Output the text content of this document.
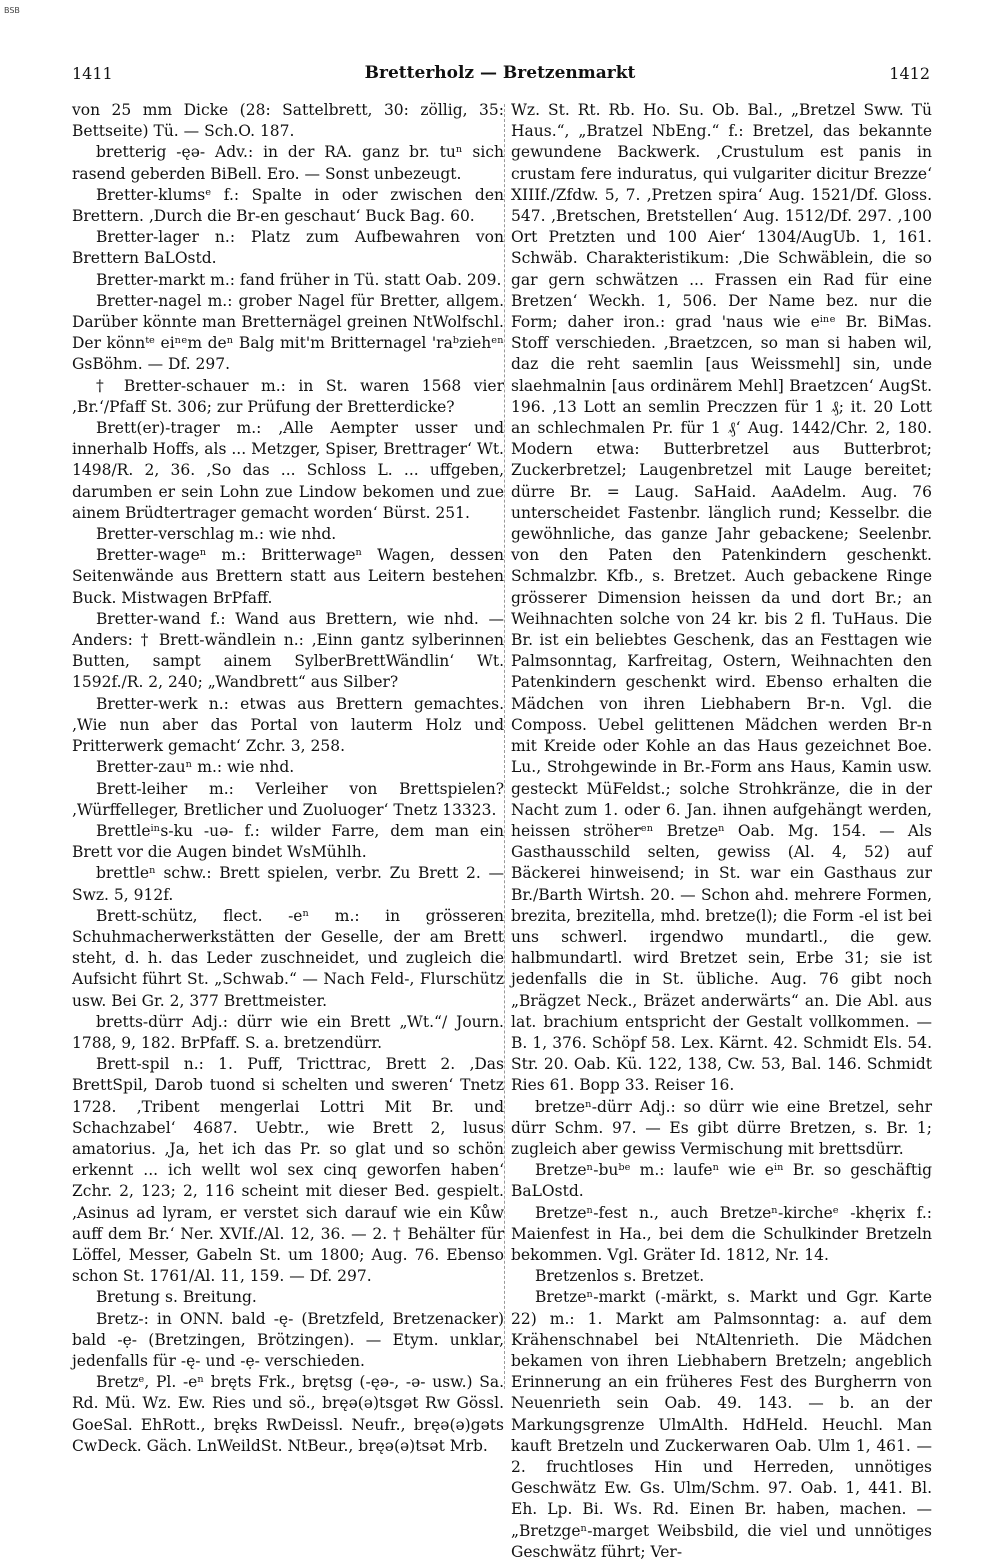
BSB
1411	Bretterholz — Bretzenmarkt	1412

von 25 mm Dicke (28: Sattelbrett, 30: zöllig, 35: Bettseite) Tü. — Sch.O. 187.

bretterig -ęə- Adv.: in der RA. ganz br. tuⁿ sich rasend geberden BiBell. Ero. — Sonst unbezeugt.

Bretter-klumsᵉ f.: Spalte in oder zwischen den Brettern. ‚Durch die Br-en geschaut‘ Buck Bag. 60.

Bretter-lager n.: Platz zum Aufbewahren von Brettern BaLOstd.

Bretter-markt m.: fand früher in Tü. statt Oab. 209.

Bretter-nagel m.: grober Nagel für Bretter, allgem. Darüber könnte man Bretternägel greinen NtWolfschl. Der könnᵗᵉ eiⁿᵉm deⁿ Balg mit'm Britternagel 'raᵇziehᵉⁿ GsBöhm. — Df. 297.

† Bretter-schauer m.: in St. waren 1568 vier ‚Br.‘/Pfaff St. 306; zur Prüfung der Bretterdicke?

Brett(er)-trager m.: ‚Alle Aempter usser und innerhalb Hoffs, als ... Metzger, Spiser, Brettrager‘ Wt. 1498/R. 2, 36. ‚So das ... Schloss L. ... uffgeben, darumben er sein Lohn zue Lindow bekomen und zue ainem Brüdtertrager gemacht worden‘ Bürst. 251.

Bretter-verschlag m.: wie nhd.

Bretter-wageⁿ m.: Britterwageⁿ Wagen, dessen Seitenwände aus Brettern statt aus Leitern bestehen Buck. Mistwagen BrPfaff.

Bretter-wand f.: Wand aus Brettern, wie nhd. — Anders: † Brett-wändlein n.: ‚Einn gantz sylberinnen Butten, sampt ainem SylberBrettWändlin‘ Wt. 1592f./R. 2, 240; „Wandbrett“ aus Silber?

Bretter-werk n.: etwas aus Brettern gemachtes. ‚Wie nun aber das Portal von lauterm Holz und Pritterwerk gemacht‘ Zchr. 3, 258.

Bretter-zauⁿ m.: wie nhd.

Brett-leiher m.: Verleiher von Brettspielen? ‚Würffelleger, Bretlicher und Zuoluoger‘ Tnetz 13323.

Brettleⁱⁿs-ku -uə- f.: wilder Farre, dem man ein Brett vor die Augen bindet WsMühlh.

brettleⁿ schw.: Brett spielen, verbr. Zu Brett 2. — Swz. 5, 912f.

Brett-schütz, flect. -eⁿ m.: in grösseren Schuhmacherwerkstätten der Geselle, der am Brett steht, d. h. das Leder zuschneidet, und zugleich die Aufsicht führt St. „Schwab.“ — Nach Feld-, Flurschütz usw. Bei Gr. 2, 377 Brettmeister.

bretts-dürr Adj.: dürr wie ein Brett „Wt.“/ Journ. 1788, 9, 182. BrPfaff. S. a. bretzendürr.

Brett-spil n.: 1. Puff, Tricttrac, Brett 2. ‚Das BrettSpil, Darob tuond si schelten und sweren‘ Tnetz 1728. ‚Tribent mengerlai Lottri Mit Br. und Schachzabel‘ 4687. Uebtr., wie Brett 2, lusus amatorius. ‚Ja, het ich das Pr. so glat und so schön erkennt ... ich wellt wol sex cinq geworfen haben‘ Zchr. 2, 123; 2, 116 scheint mit dieser Bed. gespielt. ‚Asinus ad lyram, er verstet sich darauf wie ein Kůw auff dem Br.‘ Ner. XVIf./Al. 12, 36. — 2. † Behälter für Löffel, Messer, Gabeln St. um 1800; Aug. 76. Ebenso schon St. 1761/Al. 11, 159. — Df. 297.

Bretung s. Breitung.

Bretz-: in ONN. bald -ę- (Bretzfeld, Bretzenacker) bald -ẹ- (Bretzingen, Brötzingen). — Etym. unklar, jedenfalls für -ę- und -ẹ- verschieden.

Bretzᵉ, Pl. -eⁿ bręts Frk., brętsg (-ęə-, -ə- usw.) Sa. Rd. Mü. Wz. Ew. Ries und sö., bręə(ə)tsgət Rw Gössl. GoeSal. EhRott., bręks RwDeissl. Neufr., bręə(ə)gəts CwDeck. Gäch. LnWeildSt. NtBeur., bręə(ə)tsət Mrb.

Wz. St. Rt. Rb. Ho. Su. Ob. Bal., „Bretzel Sww. Tü Haus.“, „Bratzel NbEng.“ f.: Bretzel, das bekannte gewundene Backwerk. ‚Crustulum est panis in crustam fere induratus, qui vulgariter dicitur Brezze‘ XIIIf./Zfdw. 5, 7. ‚Pretzen spira‘ Aug. 1521/Df. Gloss. 547. ‚Bretschen, Bretstellen‘ Aug. 1512/Df. 297. ‚100 Ort Pretzten und 100 Aier‘ 1304/AugUb. 1, 161. Schwäb. Charakteristikum: ‚Die Schwäblein, die so gar gern schwätzen ... Frassen ein Rad für eine Bretzen‘ Weckh. 1, 506. Der Name bez. nur die Form; daher iron.: grad 'naus wie eⁱⁿᵉ Br. BiMas. Stoff verschieden. ‚Braetzcen, so man si haben wil, daz die reht saemlin [aus Weissmehl] sin, unde slaehmalnin [aus ordinärem Mehl] Braetzcen‘ AugSt. 196. ‚13 Lott an semlin Preczzen für 1 ₰; it. 20 Lott an schlechmalen Pr. für 1 ₰‘ Aug. 1442/Chr. 2, 180. Modern etwa: Butterbretzel aus Butterbrot; Zuckerbretzel; Laugenbretzel mit Lauge bereitet; dürre Br. = Laug. SaHaid. AaAdelm. Aug. 76 unterscheidet Fastenbr. länglich rund; Kesselbr. die gewöhnliche, das ganze Jahr gebackene; Seelenbr. von den Paten den Patenkindern geschenkt. Schmalzbr. Kfb., s. Bretzet. Auch gebackene Ringe grösserer Dimension heissen da und dort Br.; an Weihnachten solche von 24 kr. bis 2 fl. TuHaus. Die Br. ist ein beliebtes Geschenk, das an Festtagen wie Palmsonntag, Karfreitag, Ostern, Weihnachten den Patenkindern geschenkt wird. Ebenso erhalten die Mädchen von ihren Liebhabern Br-n. Vgl. die Composs. Uebel gelittenen Mädchen werden Br-n mit Kreide oder Kohle an das Haus gezeichnet Boe. Lu., Strohgewinde in Br.-Form ans Haus, Kamin usw. gesteckt MüFeldst.; solche Strohkränze, die in der Nacht zum 1. oder 6. Jan. ihnen aufgehängt werden, heissen ströherᵉⁿ Bretzeⁿ Oab. Mg. 154. — Als Gasthausschild selten, gewiss (Al. 4, 52) auf Bäckerei hinweisend; in St. war ein Gasthaus zur Br./Barth Wirtsh. 20. — Schon ahd. mehrere Formen, brezita, brezitella, mhd. bretze(l); die Form -el ist bei uns schwerl. irgendwo mundartl., die gew. halbmundartl. wird Bretzet sein, Erbe 31; sie ist jedenfalls die in St. übliche. Aug. 76 gibt noch „Brägzet Neck., Bräzet anderwärts“ an. Die Abl. aus lat. brachium entspricht der Gestalt vollkommen. — B. 1, 376. Schöpf 58. Lex. Kärnt. 42. Schmidt Els. 54. Str. 20. Oab. Kü. 122, 138, Cw. 53, Bal. 146. Schmidt Ries 61. Bopp 33. Reiser 16.

bretzeⁿ-dürr Adj.: so dürr wie eine Bretzel, sehr dürr Schm. 97. — Es gibt dürre Bretzen, s. Br. 1; zugleich aber gewiss Vermischung mit brettsdürr.

Bretzeⁿ-buᵇᵉ m.: laufeⁿ wie eⁱⁿ Br. so geschäftig BaLOstd.

Bretzeⁿ-fest n., auch Bretzeⁿ-kircheᵉ -khęrix f.: Maienfest in Ha., bei dem die Schulkinder Bretzeln bekommen. Vgl. Gräter Id. 1812, Nr. 14.

Bretzenlos s. Bretzet.

Bretzeⁿ-markt (-märkt, s. Markt und Ggr. Karte 22) m.: 1. Markt am Palmsonntag: a. auf dem Krähenschnabel bei NtAltenrieth. Die Mädchen bekamen von ihren Liebhabern Bretzeln; angeblich Erinnerung an ein früheres Fest des Burgherrn von Neuenrieth sein Oab. 49. 143. — b. an der Markungsgrenze UlmAlth. HdHeld. Heuchl. Man kauft Bretzeln und Zuckerwaren Oab. Ulm 1, 461. — 2. fruchtloses Hin und Herreden, unnötiges Geschwätz Ew. Gs. Ulm/Schm. 97. Oab. 1, 441. Bl. Eh. Lp. Bi. Ws. Rd. Einen Br. haben, machen. — „Bretzgeⁿ-marget Weibsbild, die viel und unnötiges Geschwätz führt; Ver-
